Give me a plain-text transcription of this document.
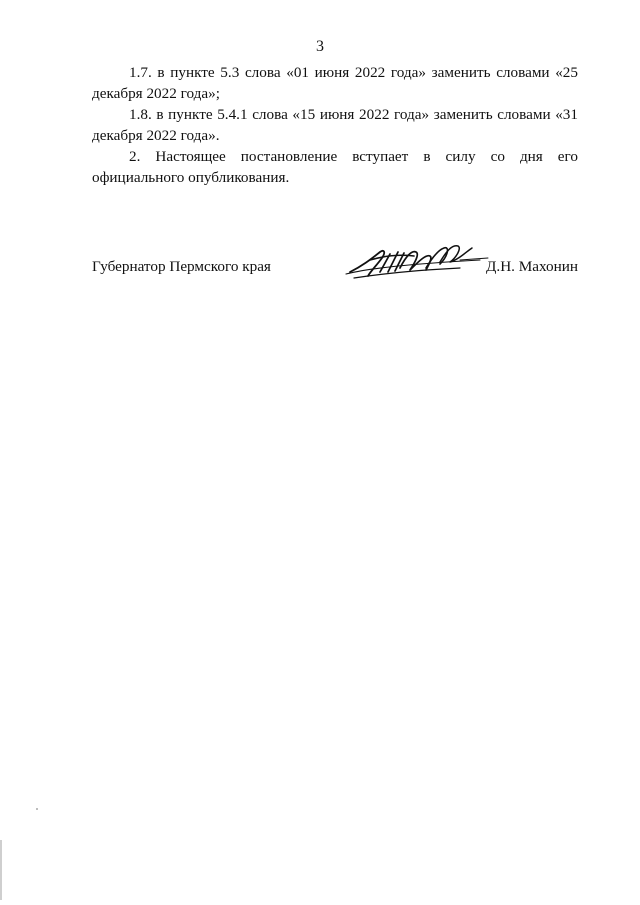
3

1.7. в пункте 5.3 слова «01 июня 2022 года» заменить словами «25 декабря 2022 года»;

1.8. в пункте 5.4.1 слова «15 июня 2022 года» заменить словами «31 декабря 2022 года».

2. Настоящее постановление вступает в силу со дня его официального опубликования.

Губернатор Пермского края	Д.Н. Махонин
